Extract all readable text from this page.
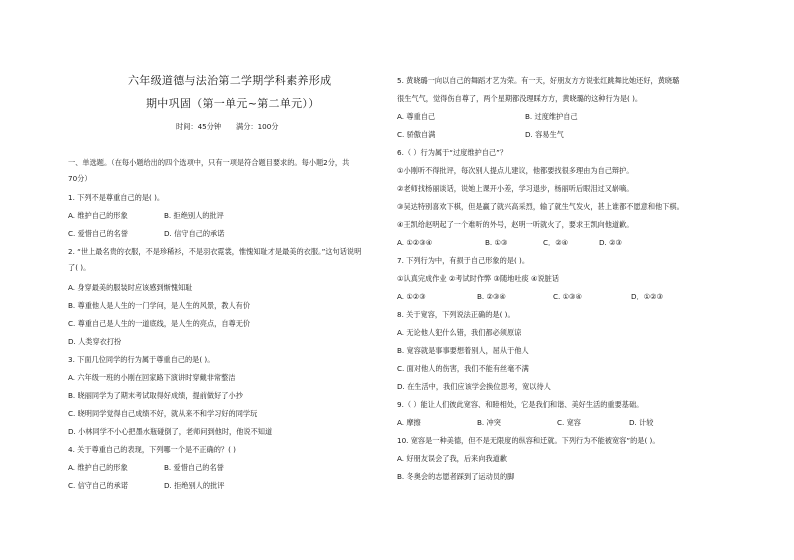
六年级道德与法治第二学期学科素养形成
期中巩固（第一单元~第二单元））
时间：45分钟 满分：100分
一、单选题。（在每小题给出的四个选项中，只有一项是符合题目要求的。每小题2分，共
70分）
1. 下列不是尊重自己的是( )。
A. 维护自己的形象	B. 拒绝别人的批评
C. 爱惜自己的名誉	D. 信守自己的承诺
2. “世上最名贵的衣服，不是珍稀衫，不是羽衣霓裳，惟愧知耻才是最美的衣服。”这句话说明
了( )。
A. 身穿最美的服装时应该感到惭愧知耻
B. 尊重他人是人生的一门学问，是人生的风景，教人有价
C. 尊重自己是人生的一道底线，是人生的亮点，自尊无价
D. 人类穿衣打扮
3. 下面几位同学的行为属于尊重自己的是( )。
A. 六年级一班的小刚在回家路下演讲时穿戴非常整洁
B. 晓丽同学为了期末考试取得好成绩，提前做好了小抄
C. 晓明同学觉得自己成绩不好，就从来不和学习好的同学玩
D. 小林同学不小心把墨水瓶碰倒了，老师问到他时，他说不知道
4. 关于尊重自己的表现，下列哪一个是不正确的？( )
A. 维护自己的形象	B. 爱惜自己的名誉
C. 信守自己的承诺	D. 拒绝别人的批评
5. 黄晓璐一向以自己的舞蹈才艺为荣。有一天，好朋友方方说张红跳舞比她还好，黄晓璐
很生气气，觉得伤自尊了，两个星期都没理睬方方，黄晓璐的这种行为是( )。
A. 尊重自己	B. 过度维护自己
C. 骄傲自满	D. 容易生气
6.（ ）行为属于“过度维护自己”？
①小刚听不得批评，每次别人提点儿建议，他都要找很多理由为自己辩护。
②老师找杨丽谈话，说她上课开小差，学习退步，杨丽听后眼泪过又崭嘀。
③吴达特别喜欢下棋，但是赢了就兴高采烈，输了就生气发火，甚上谁都不愿意和他下棋。
④王凯给赵明起了一个难听的外号，赵明一听就火了，要求王凯向他道歉。
A. ①②③④	B. ①③	C．②④	D. ②③
7. 下列行为中，有损于自己形象的是( )。
①认真完成作业 ②考试时作弊 ③随地吐痰 ④说脏话
A. ①②③	B. ②③④	C. ①③④	D．①②③
8. 关于宽容，下列说法正确的是( )。
A. 无论他人犯什么错，我们都必须原谅
B. 宽容就是事事要想着别人，屈从于他人
C. 面对他人的伤害，我们不能有丝毫不满
D. 在生活中，我们应该学会换位思考，宽以待人
9.（ ）能让人们彼此宽容、和睦相处，它是我们和谐、美好生活的重要基础。
A. 摩擦	B. 冲突	C. 宽容	D. 计较
10. 宽容是一种美德，但不是无限度的纵容和迁就。下列行为不能被宽容”的是( )。
A. 好朋友误会了我，后来向我道歉
B. 冬奥会的志愿者踩到了运动员的脚
